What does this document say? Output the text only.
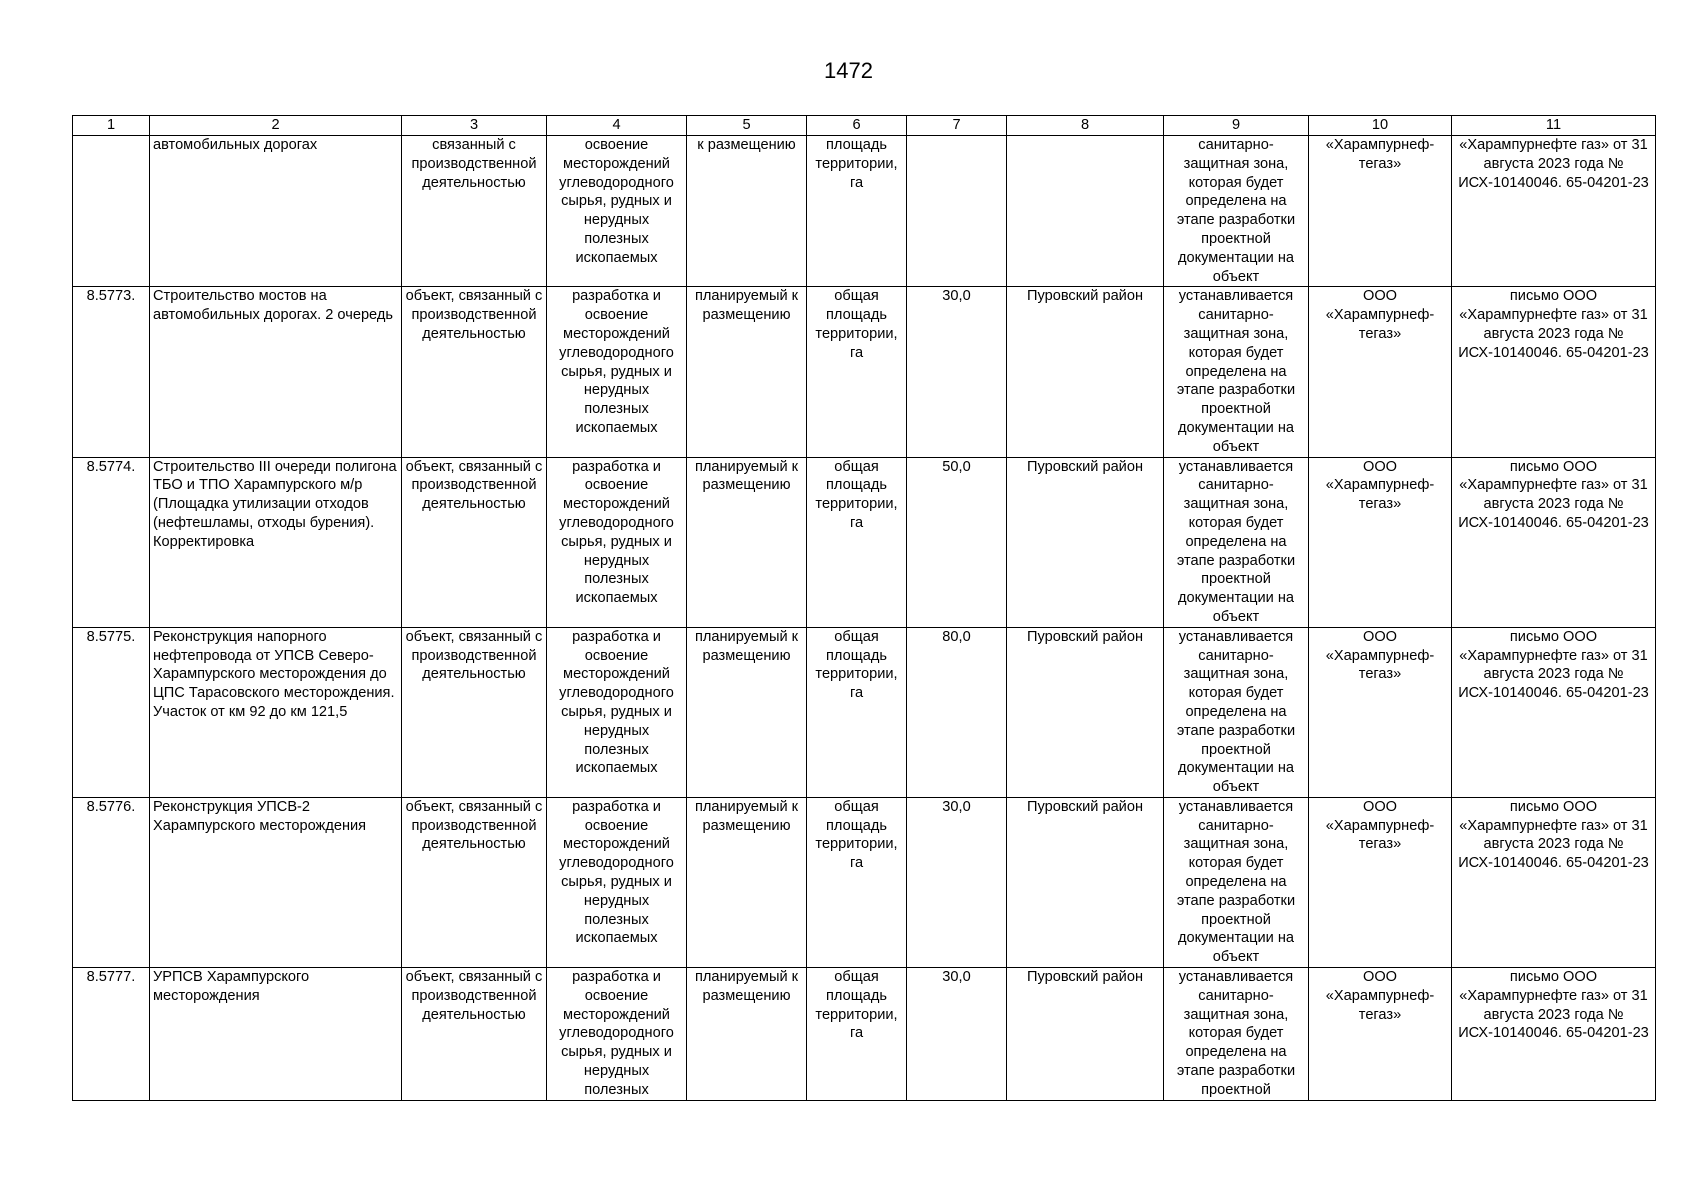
1472
1	2	3	4	5	6	7	8	9	10	11
	автомобильных дорогах	связанный с производственной деятельностью	освоение месторождений углеводородного сырья, рудных и нерудных полезных ископаемых	к размещению	площадь территории, га			санитарно-защитная зона, которая будет определена на этапе разработки проектной документации на объект	«Харампурнеф-тегаз»	«Харампурнефте газ» от 31 августа 2023 года № ИСХ-10140046. 65-04201-23
8.5773.	Строительство мостов на автомобильных дорогах. 2 очередь	объект, связанный с производственной деятельностью	разработка и освоение месторождений углеводородного сырья, рудных и нерудных полезных ископаемых	планируемый к размещению	общая площадь территории, га	30,0	Пуровский район	устанавливается санитарно-защитная зона, которая будет определена на этапе разработки проектной документации на объект	ООО «Харампурнеф-тегаз»	письмо ООО «Харампурнефте газ» от 31 августа 2023 года № ИСХ-10140046. 65-04201-23
8.5774.	Строительство III очереди полигона ТБО и ТПО Харампурского м/р (Площадка утилизации отходов (нефтешламы, отходы бурения). Корректировка	объект, связанный с производственной деятельностью	разработка и освоение месторождений углеводородного сырья, рудных и нерудных полезных ископаемых	планируемый к размещению	общая площадь территории, га	50,0	Пуровский район	устанавливается санитарно-защитная зона, которая будет определена на этапе разработки проектной документации на объект	ООО «Харампурнеф-тегаз»	письмо ООО «Харампурнефте газ» от 31 августа 2023 года № ИСХ-10140046. 65-04201-23
8.5775.	Реконструкция напорного нефтепровода от УПСВ Северо-Харампурского месторождения до ЦПС Тарасовского месторождения. Участок от км 92 до км 121,5	объект, связанный с производственной деятельностью	разработка и освоение месторождений углеводородного сырья, рудных и нерудных полезных ископаемых	планируемый к размещению	общая площадь территории, га	80,0	Пуровский район	устанавливается санитарно-защитная зона, которая будет определена на этапе разработки проектной документации на объект	ООО «Харампурнеф-тегаз»	письмо ООО «Харампурнефте газ» от 31 августа 2023 года № ИСХ-10140046. 65-04201-23
8.5776.	Реконструкция УПСВ-2 Харампурского месторождения	объект, связанный с производственной деятельностью	разработка и освоение месторождений углеводородного сырья, рудных и нерудных полезных ископаемых	планируемый к размещению	общая площадь территории, га	30,0	Пуровский район	устанавливается санитарно-защитная зона, которая будет определена на этапе разработки проектной документации на объект	ООО «Харампурнеф-тегаз»	письмо ООО «Харампурнефте газ» от 31 августа 2023 года № ИСХ-10140046. 65-04201-23
8.5777.	УРПСВ Харампурского месторождения	объект, связанный с производственной деятельностью	разработка и освоение месторождений углеводородного сырья, рудных и нерудных полезных	планируемый к размещению	общая площадь территории, га	30,0	Пуровский район	устанавливается санитарно-защитная зона, которая будет определена на этапе разработки проектной	ООО «Харампурнеф-тегаз»	письмо ООО «Харампурнефте газ» от 31 августа 2023 года № ИСХ-10140046. 65-04201-23
